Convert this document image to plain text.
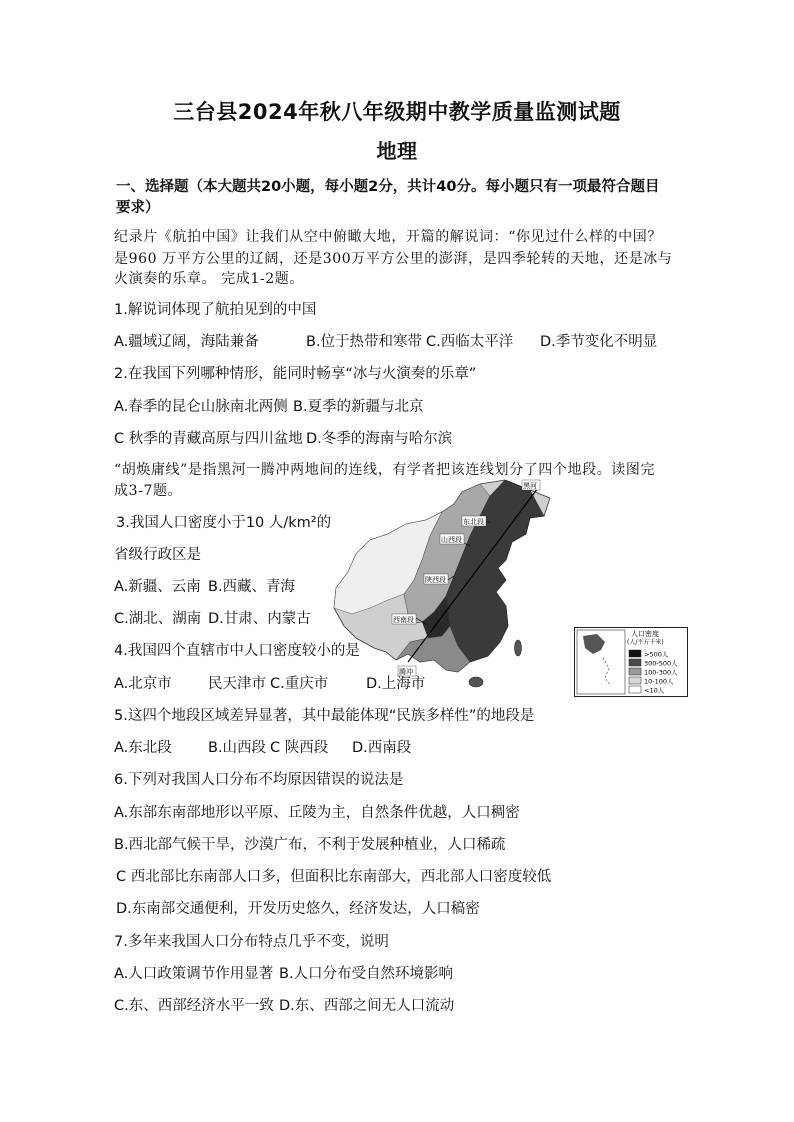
三台县2024年秋八年级期中教学质量监测试题
地理
一、选择题（本大题共20小题，每小题2分，共计40分。每小题只有一项最符合题目
要求）
纪录片《航拍中国》让我们从空中俯瞰大地，开篇的解说词：“你见过什么样的中国？
是960 万平方公里的辽阔，还是300万平方公里的澎湃，是四季轮转的天地，还是冰与
火演奏的乐章。 完成1-2题。
1.解说词体现了航拍见到的中国
A.疆域辽阔，海陆兼备	B.位于热带和寒带 C.西临太平洋 D.季节变化不明显
2.在我国下列哪种情形，能同时畅享“冰与火演奏的乐章”
A.春季的昆仑山脉南北两侧 B.夏季的新疆与北京
C 秋季的青藏高原与四川盆地 D.冬季的海南与哈尔滨
“胡焕庸线”是指黑河一腾冲两地间的连线，有学者把该连线划分了四个地段。读图完
成3-7题。
3.我国人口密度小于10 人/km²的
省级行政区是
A.新疆、云南 B.西藏、青海
C.湖北、湖南 D.甘肃、内蒙古
4.我国四个直辖市中人口密度较小的是
A.北京市 民天津市 C.重庆市	D.上海市
黑河
东北段
山西段
陕西段
西南段
腾冲
人口密度
(人/平方千米)
>500人
300-500人
100-300人
10-100人
<10人
5.这四个地段区域差异显著，其中最能体现“民族多样性”的地段是
A.东北段 B.山西段 C 陕西段 D.西南段
6.下列对我国人口分布不均原因错误的说法是
A.东部东南部地形以平原、丘陵为主，自然条件优越，人口稠密
B.西北部气候干旱，沙漠广布，不利于发展种植业，人口稀疏
C 西北部比东南部人口多，但面积比东南部大，西北部人口密度较低
D.东南部交通便利，开发历史悠久，经济发达，人口稿密
7.多年来我国人口分布特点几乎不变，说明
A.人口政策调节作用显著 B.人口分布受自然环境影响
C.东、西部经济水平一致 D.东、西部之间无人口流动
